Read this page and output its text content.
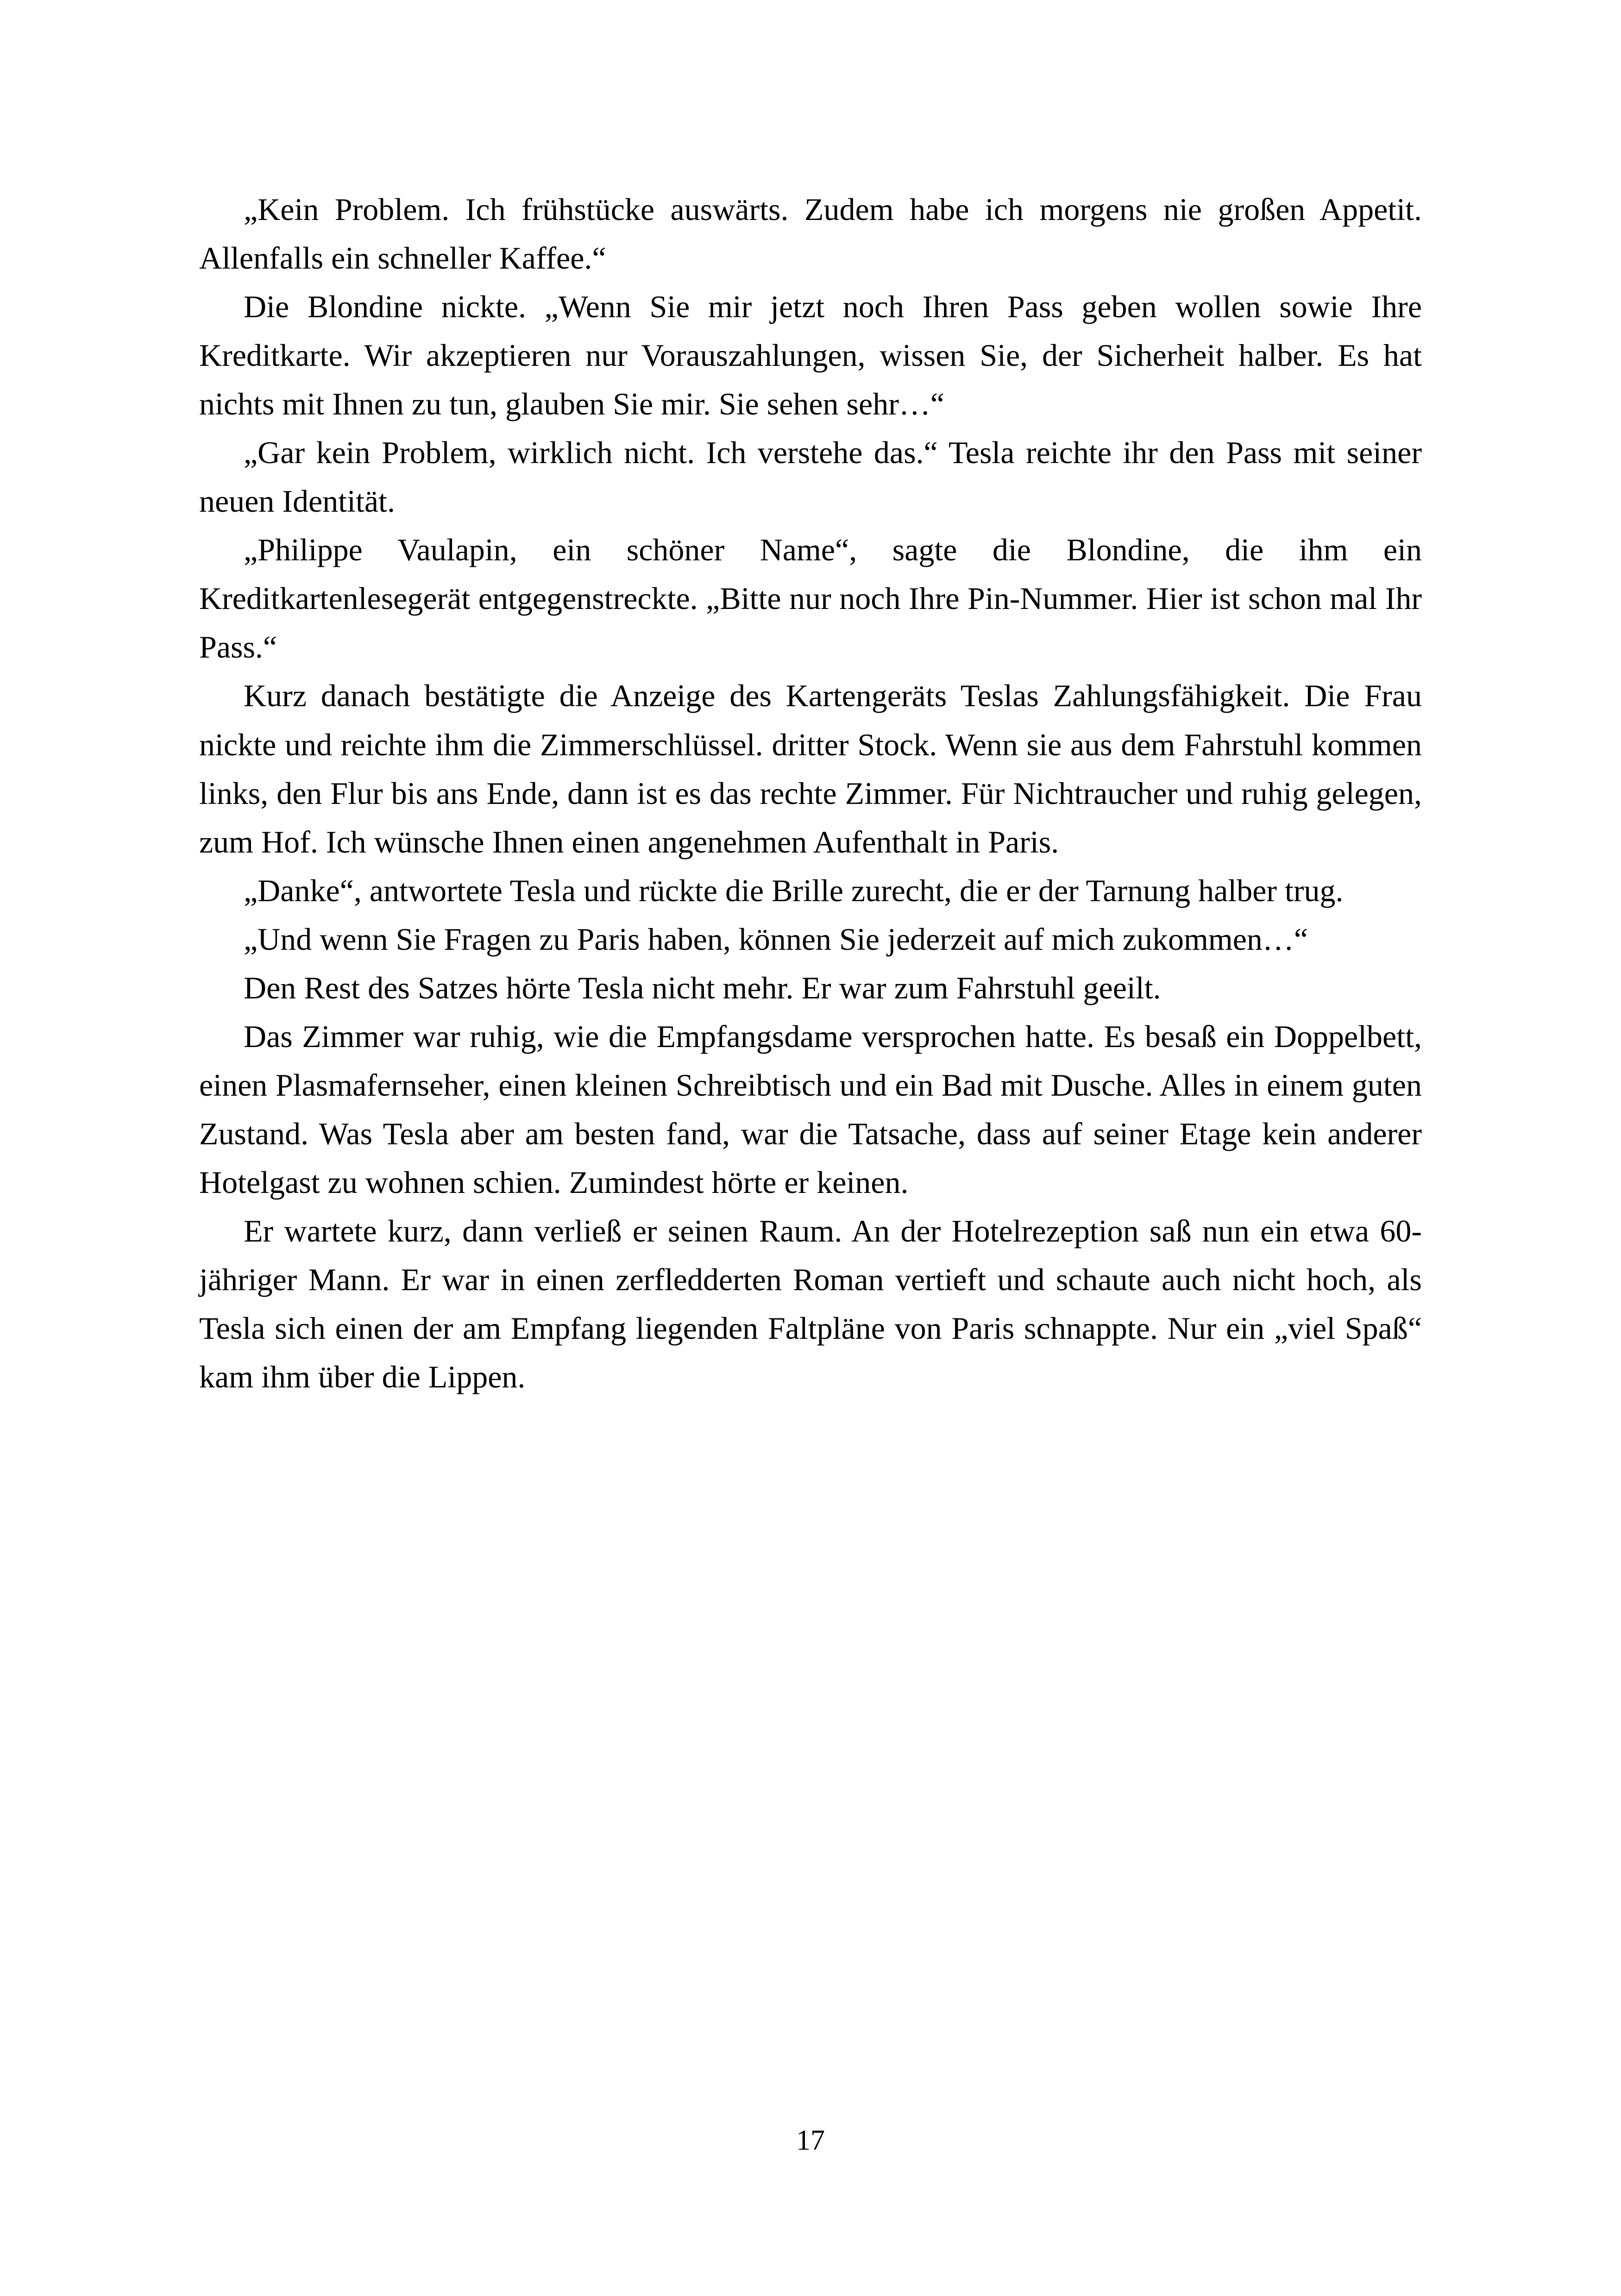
„Kein Problem. Ich frühstücke auswärts. Zudem habe ich morgens nie großen Appetit. Allenfalls ein schneller Kaffee.“

Die Blondine nickte. „Wenn Sie mir jetzt noch Ihren Pass geben wollen sowie Ihre Kreditkarte. Wir akzeptieren nur Vorauszahlungen, wissen Sie, der Sicherheit halber. Es hat nichts mit Ihnen zu tun, glauben Sie mir. Sie sehen sehr…“

„Gar kein Problem, wirklich nicht. Ich verstehe das.“ Tesla reichte ihr den Pass mit seiner neuen Identität.

„Philippe Vaulapin, ein schöner Name“, sagte die Blondine, die ihm ein Kreditkartenlesegerät entgegenstreckte. „Bitte nur noch Ihre Pin-Nummer. Hier ist schon mal Ihr Pass.“

Kurz danach bestätigte die Anzeige des Kartengeräts Teslas Zahlungsfähigkeit. Die Frau nickte und reichte ihm die Zimmerschlüssel. dritter Stock. Wenn sie aus dem Fahrstuhl kommen links, den Flur bis ans Ende, dann ist es das rechte Zimmer. Für Nichtraucher und ruhig gelegen, zum Hof. Ich wünsche Ihnen einen angenehmen Aufenthalt in Paris.

„Danke“, antwortete Tesla und rückte die Brille zurecht, die er der Tarnung halber trug.

„Und wenn Sie Fragen zu Paris haben, können Sie jederzeit auf mich zukommen…“

Den Rest des Satzes hörte Tesla nicht mehr. Er war zum Fahrstuhl geeilt.

Das Zimmer war ruhig, wie die Empfangsdame versprochen hatte. Es besaß ein Doppelbett, einen Plasmafernseher, einen kleinen Schreibtisch und ein Bad mit Dusche. Alles in einem guten Zustand. Was Tesla aber am besten fand, war die Tatsache, dass auf seiner Etage kein anderer Hotelgast zu wohnen schien. Zumindest hörte er keinen.

Er wartete kurz, dann verließ er seinen Raum. An der Hotelrezeption saß nun ein etwa 60-jähriger Mann. Er war in einen zerfledderten Roman vertieft und schaute auch nicht hoch, als Tesla sich einen der am Empfang liegenden Faltpläne von Paris schnappte. Nur ein „viel Spaß“ kam ihm über die Lippen.

17
